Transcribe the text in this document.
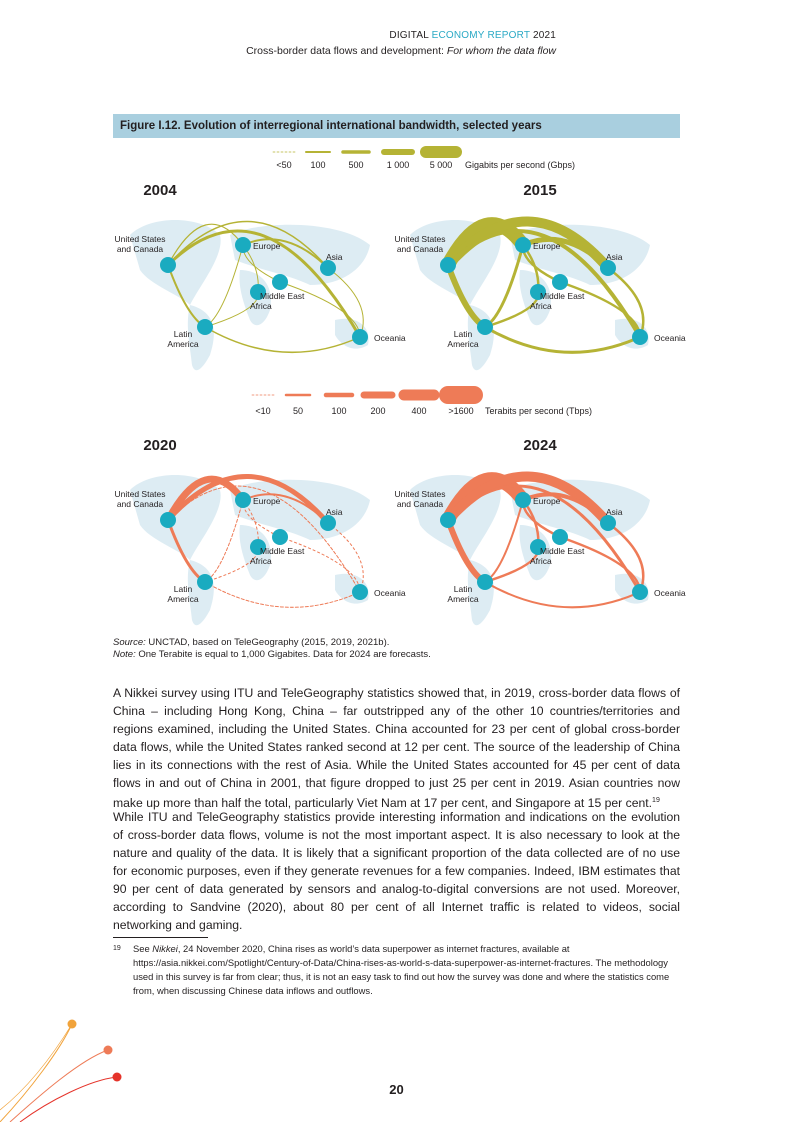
DIGITAL ECONOMY REPORT 2021
Cross-border data flows and development: For whom the data flow
Figure I.12. Evolution of interregional international bandwidth, selected years
<50 100	500	1 000 5 000 Gigabits per second (Gbps)
<10 50	100	200	400 >1600 Terabits per second (Tbps)
2004
United States
and Canada	Europe
Asia
Middle East
Africa
Latin
America
Oceania
2015
United States
and Canada	Europe
Asia
Middle East
Africa
Latin
America
Oceania
2020
United States
and Canada	Europe
Asia
Middle East
Africa
Latin
America
Oceania
2024
United States
and Canada	Europe
Asia
Middle East
Africa
Latin
America
Oceania
Source: UNCTAD, based on TeleGeography (2015, 2019, 2021b).
Note: One Terabite is equal to 1,000 Gigabites. Data for 2024 are forecasts.
A Nikkei survey using ITU and TeleGeography statistics showed that, in 2019, cross-border data flows of China – including Hong Kong, China – far outstripped any of the other 10 countries/territories and regions examined, including the United States. China accounted for 23 per cent of global cross-border data flows, while the United States ranked second at 12 per cent. The source of the leadership of China lies in its connections with the rest of Asia. While the United States accounted for 45 per cent of data flows in and out of China in 2001, that figure dropped to just 25 per cent in 2019. Asian countries now make up more than half the total, particularly Viet Nam at 17 per cent, and Singapore at 15 per cent.$^{19}$
While ITU and TeleGeography statistics provide interesting information and indications on the evolution of cross-border data flows, volume is not the most important aspect. It is also necessary to look at the nature and quality of the data. It is likely that a significant proportion of the data collected are of no use for economic purposes, even if they generate revenues for a few companies. Indeed, IBM estimates that 90 per cent of data generated by sensors and analog-to-digital conversions are not used. Moreover, according to Sandvine (2020), about 80 per cent of all Internet traffic is related to videos, social networking and gaming.
19 See Nikkei, 24 November 2020, China rises as world’s data superpower as internet fractures, available at https://asia.nikkei.com/Spotlight/Century-of-Data/China-rises-as-world-s-data-superpower-as-internet-fractures. The methodology used in this survey is far from clear; thus, it is not an easy task to find out how the survey was done and where the statistics come from, when discussing Chinese data inflows and outflows.
20
